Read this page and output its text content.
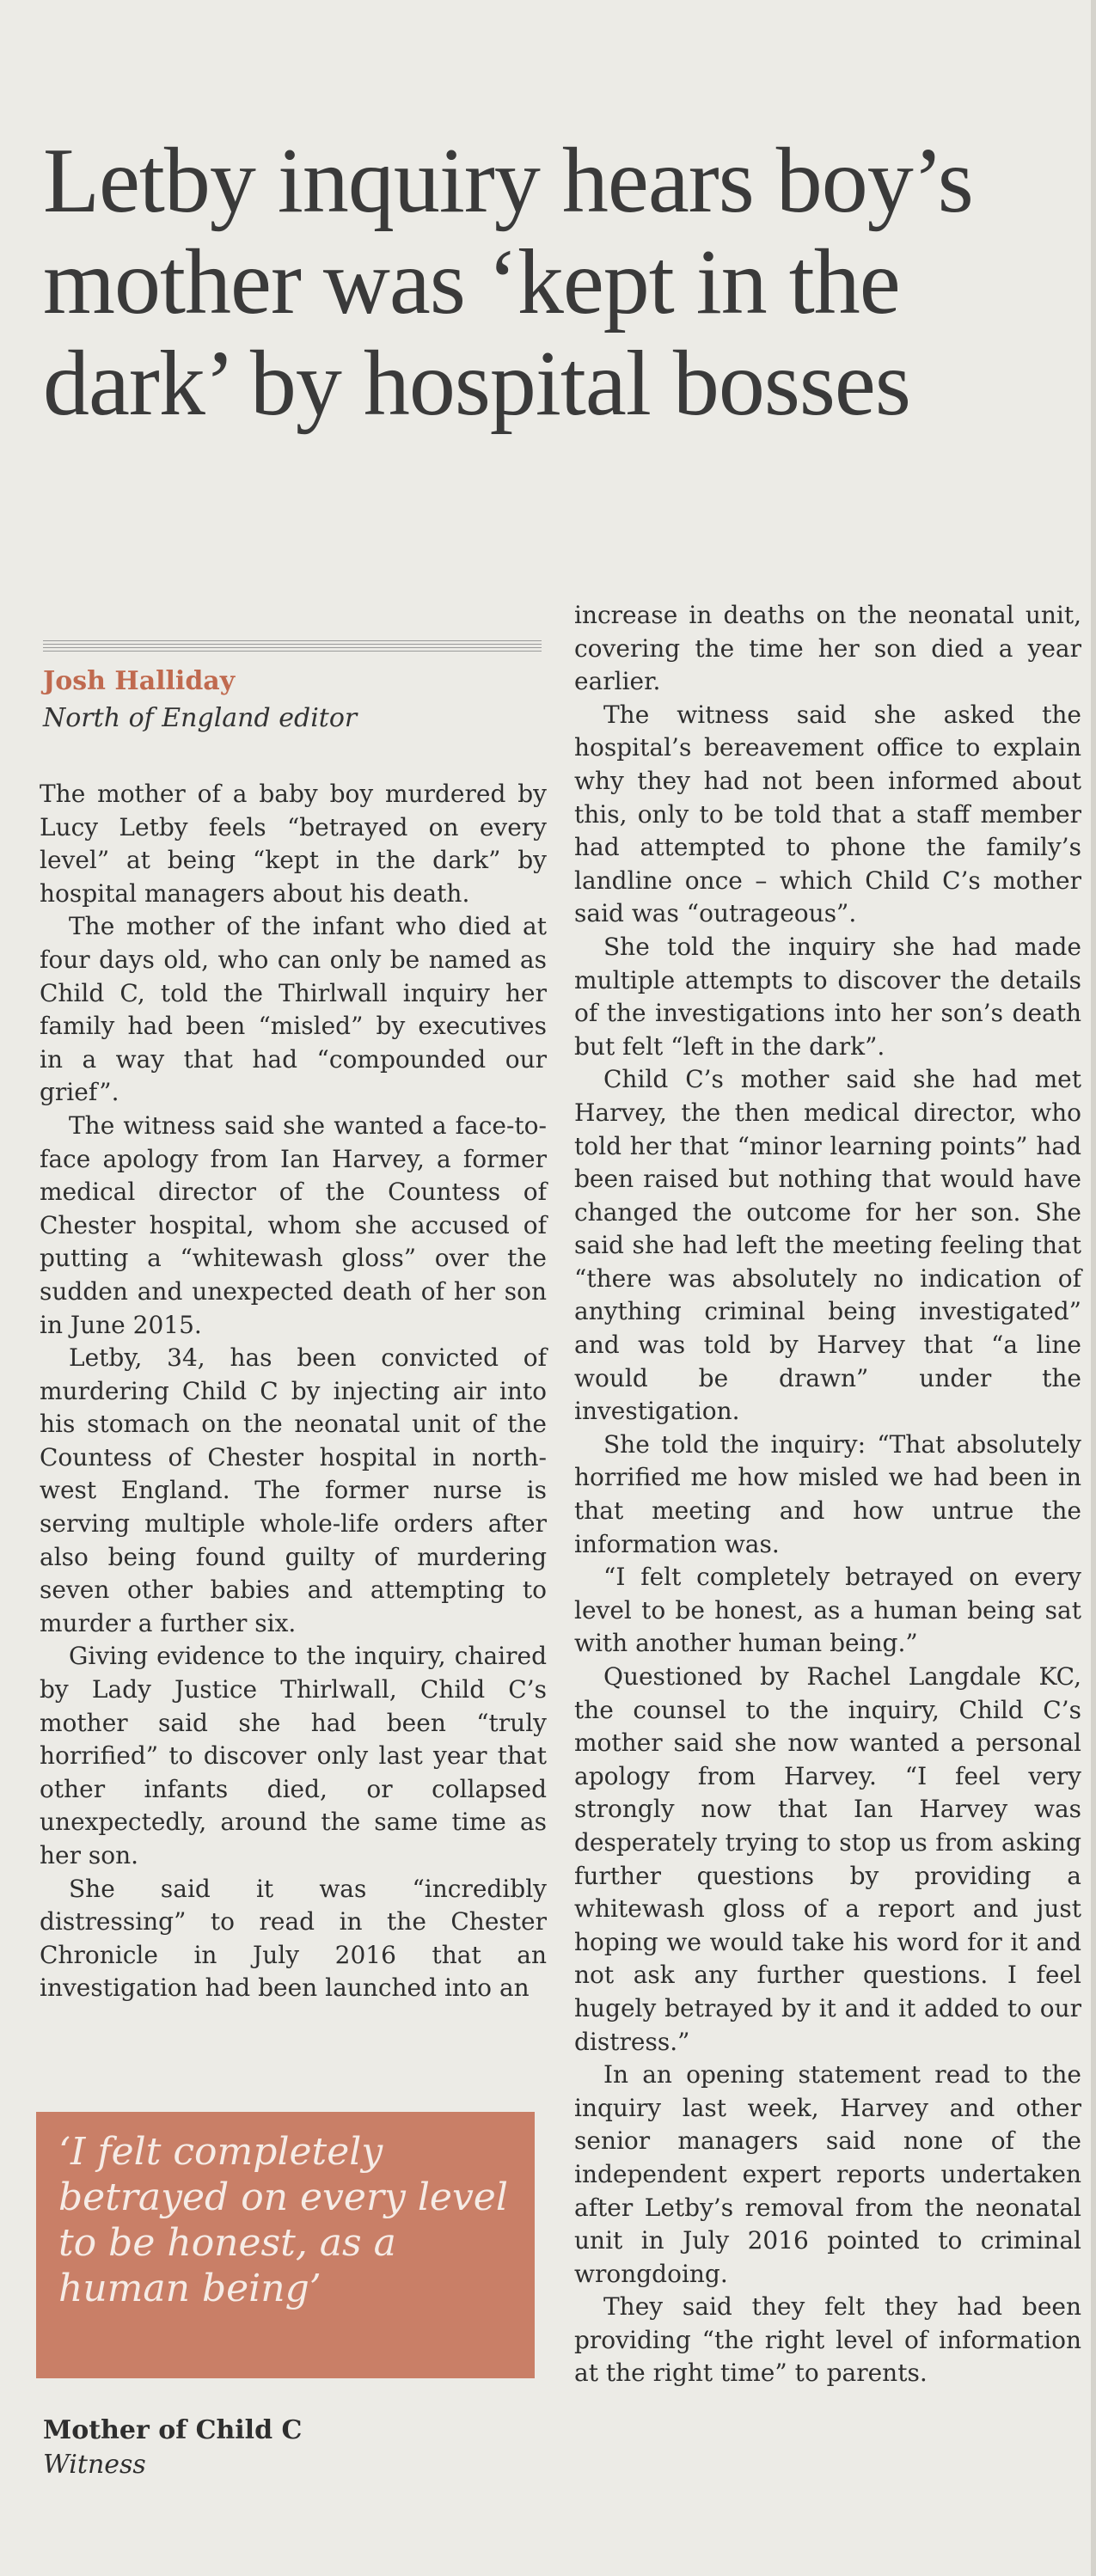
Letby inquiry hears boy’s mother was ‘kept in the dark’ by hospital bosses
Josh Halliday
North of England editor

The mother of a baby boy murdered by Lucy Letby feels “betrayed on every level” at being “kept in the dark” by hospital managers about his death.

The mother of the infant who died at four days old, who can only be named as Child C, told the Thirlwall inquiry her family had been “misled” by executives in a way that had “compounded our grief”.

The witness said she wanted a face-to-face apology from Ian Harvey, a former medical director of the Countess of Chester hospital, whom she accused of putting a “whitewash gloss” over the sudden and unexpected death of her son in June 2015.

Letby, 34, has been convicted of murdering Child C by injecting air into his stomach on the neonatal unit of the Countess of Chester hospital in north-west England. The former nurse is serving multiple whole-life orders after also being found guilty of murdering seven other babies and attempting to murder a further six.

Giving evidence to the inquiry, chaired by Lady Justice Thirlwall, Child C’s mother said she had been “truly horrified” to discover only last year that other infants died, or collapsed unexpectedly, around the same time as her son.

She said it was “incredibly distressing” to read in the Chester Chronicle in July 2016 that an investigation had been launched into an

increase in deaths on the neonatal unit, covering the time her son died a year earlier.

The witness said she asked the hospital’s bereavement office to explain why they had not been informed about this, only to be told that a staff member had attempted to phone the family’s landline once – which Child C’s mother said was “outrageous”.

She told the inquiry she had made multiple attempts to discover the details of the investigations into her son’s death but felt “left in the dark”.

Child C’s mother said she had met Harvey, the then medical director, who told her that “minor learning points” had been raised but nothing that would have changed the outcome for her son. She said she had left the meeting feeling that “there was absolutely no indication of anything criminal being investigated” and was told by Harvey that “a line would be drawn” under the investigation.

She told the inquiry: “That absolutely horrified me how misled we had been in that meeting and how untrue the information was.

“I felt completely betrayed on every level to be honest, as a human being sat with another human being.”

Questioned by Rachel Langdale KC, the counsel to the inquiry, Child C’s mother said she now wanted a personal apology from Harvey. “I feel very strongly now that Ian Harvey was desperately trying to stop us from asking further questions by providing a whitewash gloss of a report and just hoping we would take his word for it and not ask any further questions. I feel hugely betrayed by it and it added to our distress.”

In an opening statement read to the inquiry last week, Harvey and other senior managers said none of the independent expert reports undertaken after Letby’s removal from the neonatal unit in July 2016 pointed to criminal wrongdoing.

They said they felt they had been providing “the right level of information at the right time” to parents.

‘I felt completely betrayed on every level to be honest, as a human being’
Mother of Child C
Witness
